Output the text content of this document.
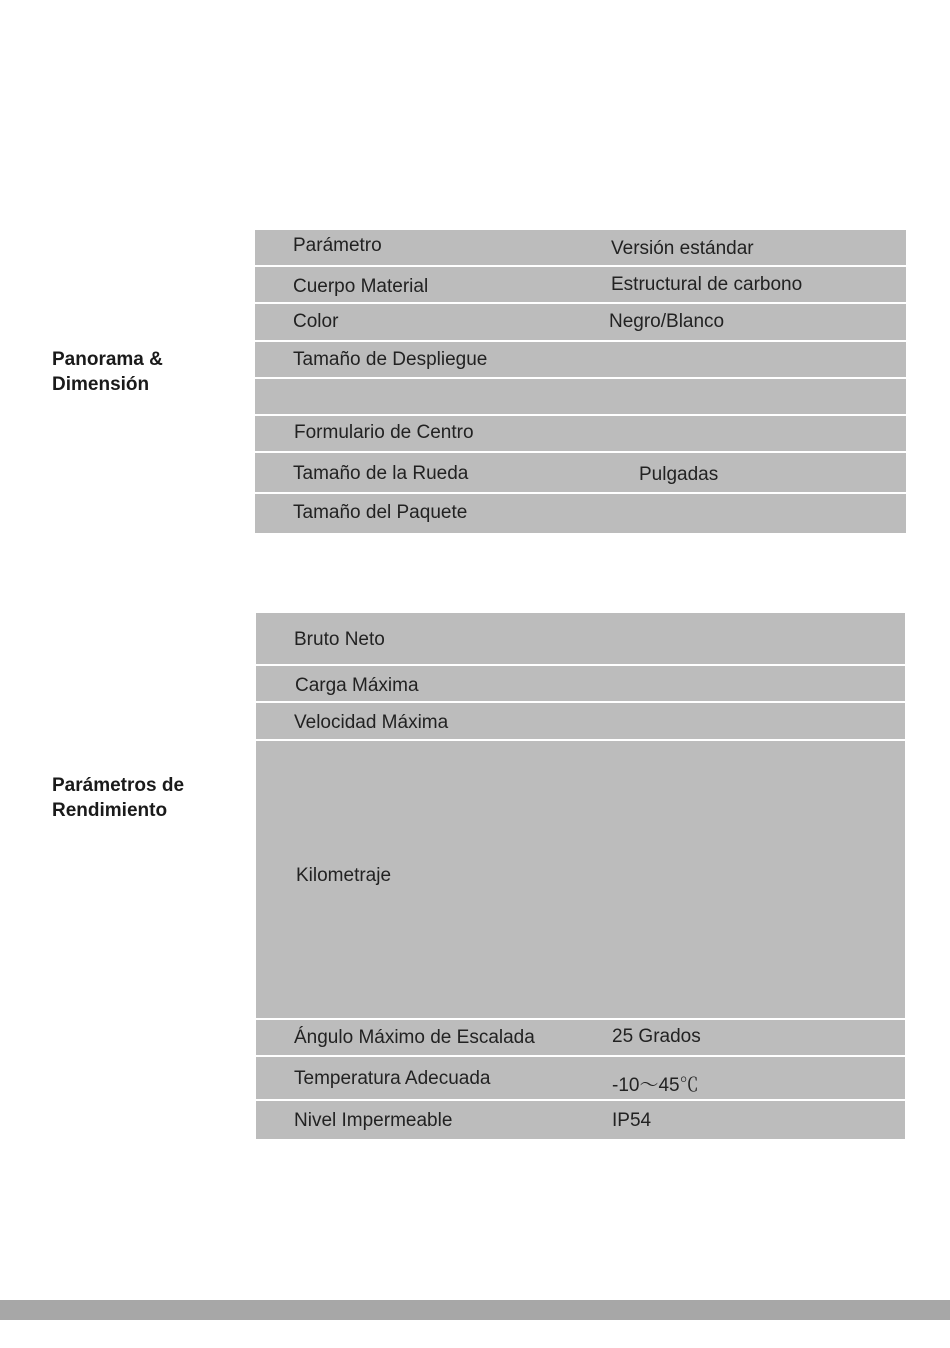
Panorama &
Dimensión
Parámetro	Versión estándar
Cuerpo Material	Estructural de carbono
Color	Negro/Blanco
Tamaño de Despliegue
Formulario de Centro
Tamaño de la Rueda	Pulgadas
Tamaño del Paquete
Parámetros de
Rendimiento
Bruto Neto
Carga Máxima
Velocidad Máxima
Kilometraje
Ángulo Máximo de Escalada	25 Grados
Temperatura Adecuada	-10～45℃
Nivel Impermeable	IP54
